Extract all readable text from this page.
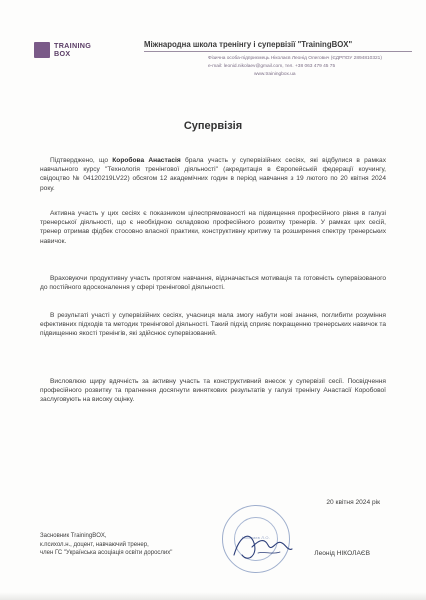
TRAINING
BOX
Міжнародна школа тренінгу і супервізії "TrainingBOX"
Фізична особа-підприємець Ніколаєв Леонід Олегович (ЄДРПОУ 2894810321)
e-mail: leonid.nikolaev@gmail.com, тел. +38 063 479 45 75
www.trainingbox.ua
Супервізія

Підтверджено, що Коробова Анастасія брала участь у супервізійних сесіях, які відбулися в рамках навчального курсу "Технологія тренінгової діяльності" (акредитація в Європейській федерації коучингу, свідоцтво № 04120219LV22) обсягом 12 академічних годин в період навчання з 19 лютого по 20 квітня 2024 року.

Активна участь у цих сесіях є показником цілеспрямованості на підвищення професійного рівня в галузі тренерської діяльності, що є необхідною складовою професійного розвитку тренерів. У рамках цих сесій, тренер отримав фідбек стосовно власної практики, конструктивну критику та розширення спектру тренерських навичок.

Враховуючи продуктивну участь протягом навчання, відзначається мотивація та готовність супервізованого до постійного вдосконалення у сфері тренінгової діяльності.

В результаті участі у супервізійних сесіях, учасниця мала змогу набути нові знання, поглибити розуміння ефективних підходів та методик тренінгової діяльності. Такий підхід сприяє покращенню тренерських навичок та підвищенню якості тренінгів, які здійснює супервізований.

Висловлюю щиру вдячність за активну участь та конструктивний внесок у супервізії сесії. Посвідчення професійного розвитку та прагнення досягнути виняткових результатів у галузі тренінгу Анастасії Коробової заслуговують на високу оцінку.

20 квітня 2024 рік
Засновник TrainingBOX,
к.психол.н., доцент, навчаючий тренер,
член ГС "Українська асоціація освіти дорослих"
Ніколаєв Л.О.
Леонід НІКОЛАЄВ
